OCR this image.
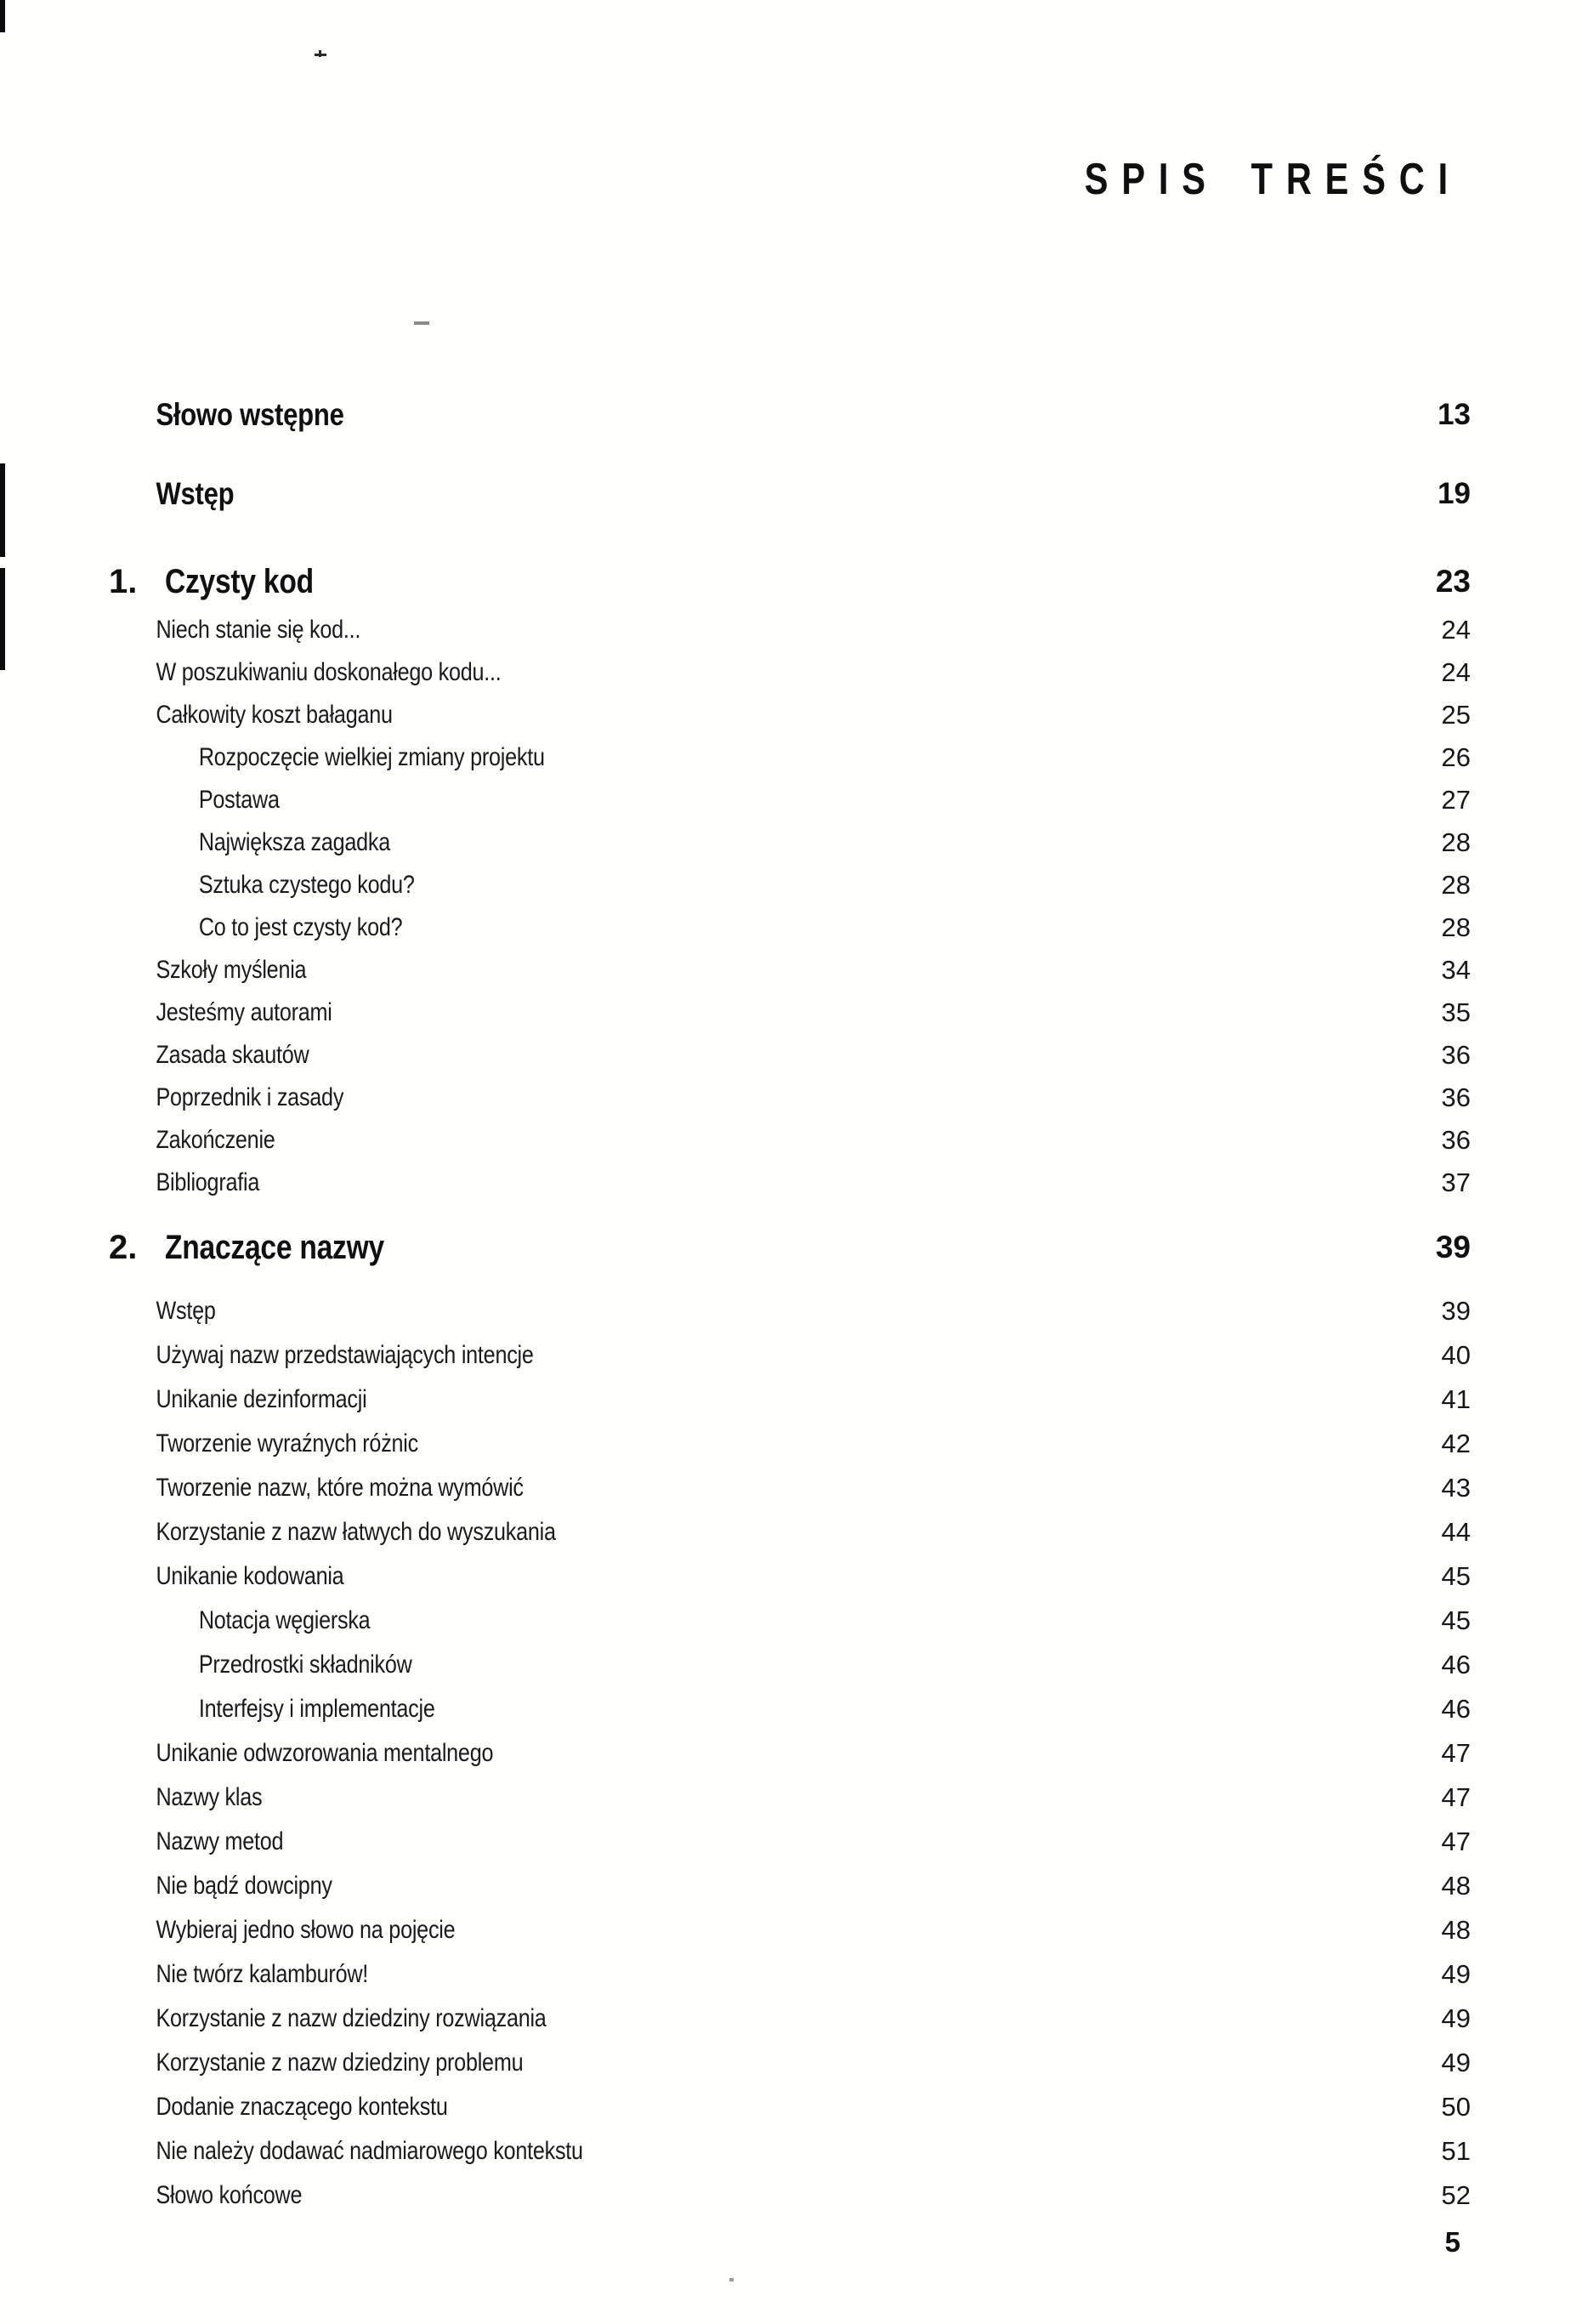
SPIS TREŚCI
Słowo wstępne	13
Wstęp	19
1. Czysty kod	23
Niech stanie się kod...	24
W poszukiwaniu doskonałego kodu...	24
Całkowity koszt bałaganu	25
Rozpoczęcie wielkiej zmiany projektu	26
Postawa	27
Największa zagadka	28
Sztuka czystego kodu?	28
Co to jest czysty kod?	28
Szkoły myślenia	34
Jesteśmy autorami	35
Zasada skautów	36
Poprzednik i zasady	36
Zakończenie	36
Bibliografia	37
2. Znaczące nazwy	39
Wstęp	39
Używaj nazw przedstawiających intencje	40
Unikanie dezinformacji	41
Tworzenie wyraźnych różnic	42
Tworzenie nazw, które można wymówić	43
Korzystanie z nazw łatwych do wyszukania	44
Unikanie kodowania	45
Notacja węgierska	45
Przedrostki składników	46
Interfejsy i implementacje	46
Unikanie odwzorowania mentalnego	47
Nazwy klas	47
Nazwy metod	47
Nie bądź dowcipny	48
Wybieraj jedno słowo na pojęcie	48
Nie twórz kalamburów!	49
Korzystanie z nazw dziedziny rozwiązania	49
Korzystanie z nazw dziedziny problemu	49
Dodanie znaczącego kontekstu	50
Nie należy dodawać nadmiarowego kontekstu	51
Słowo końcowe	52
5
